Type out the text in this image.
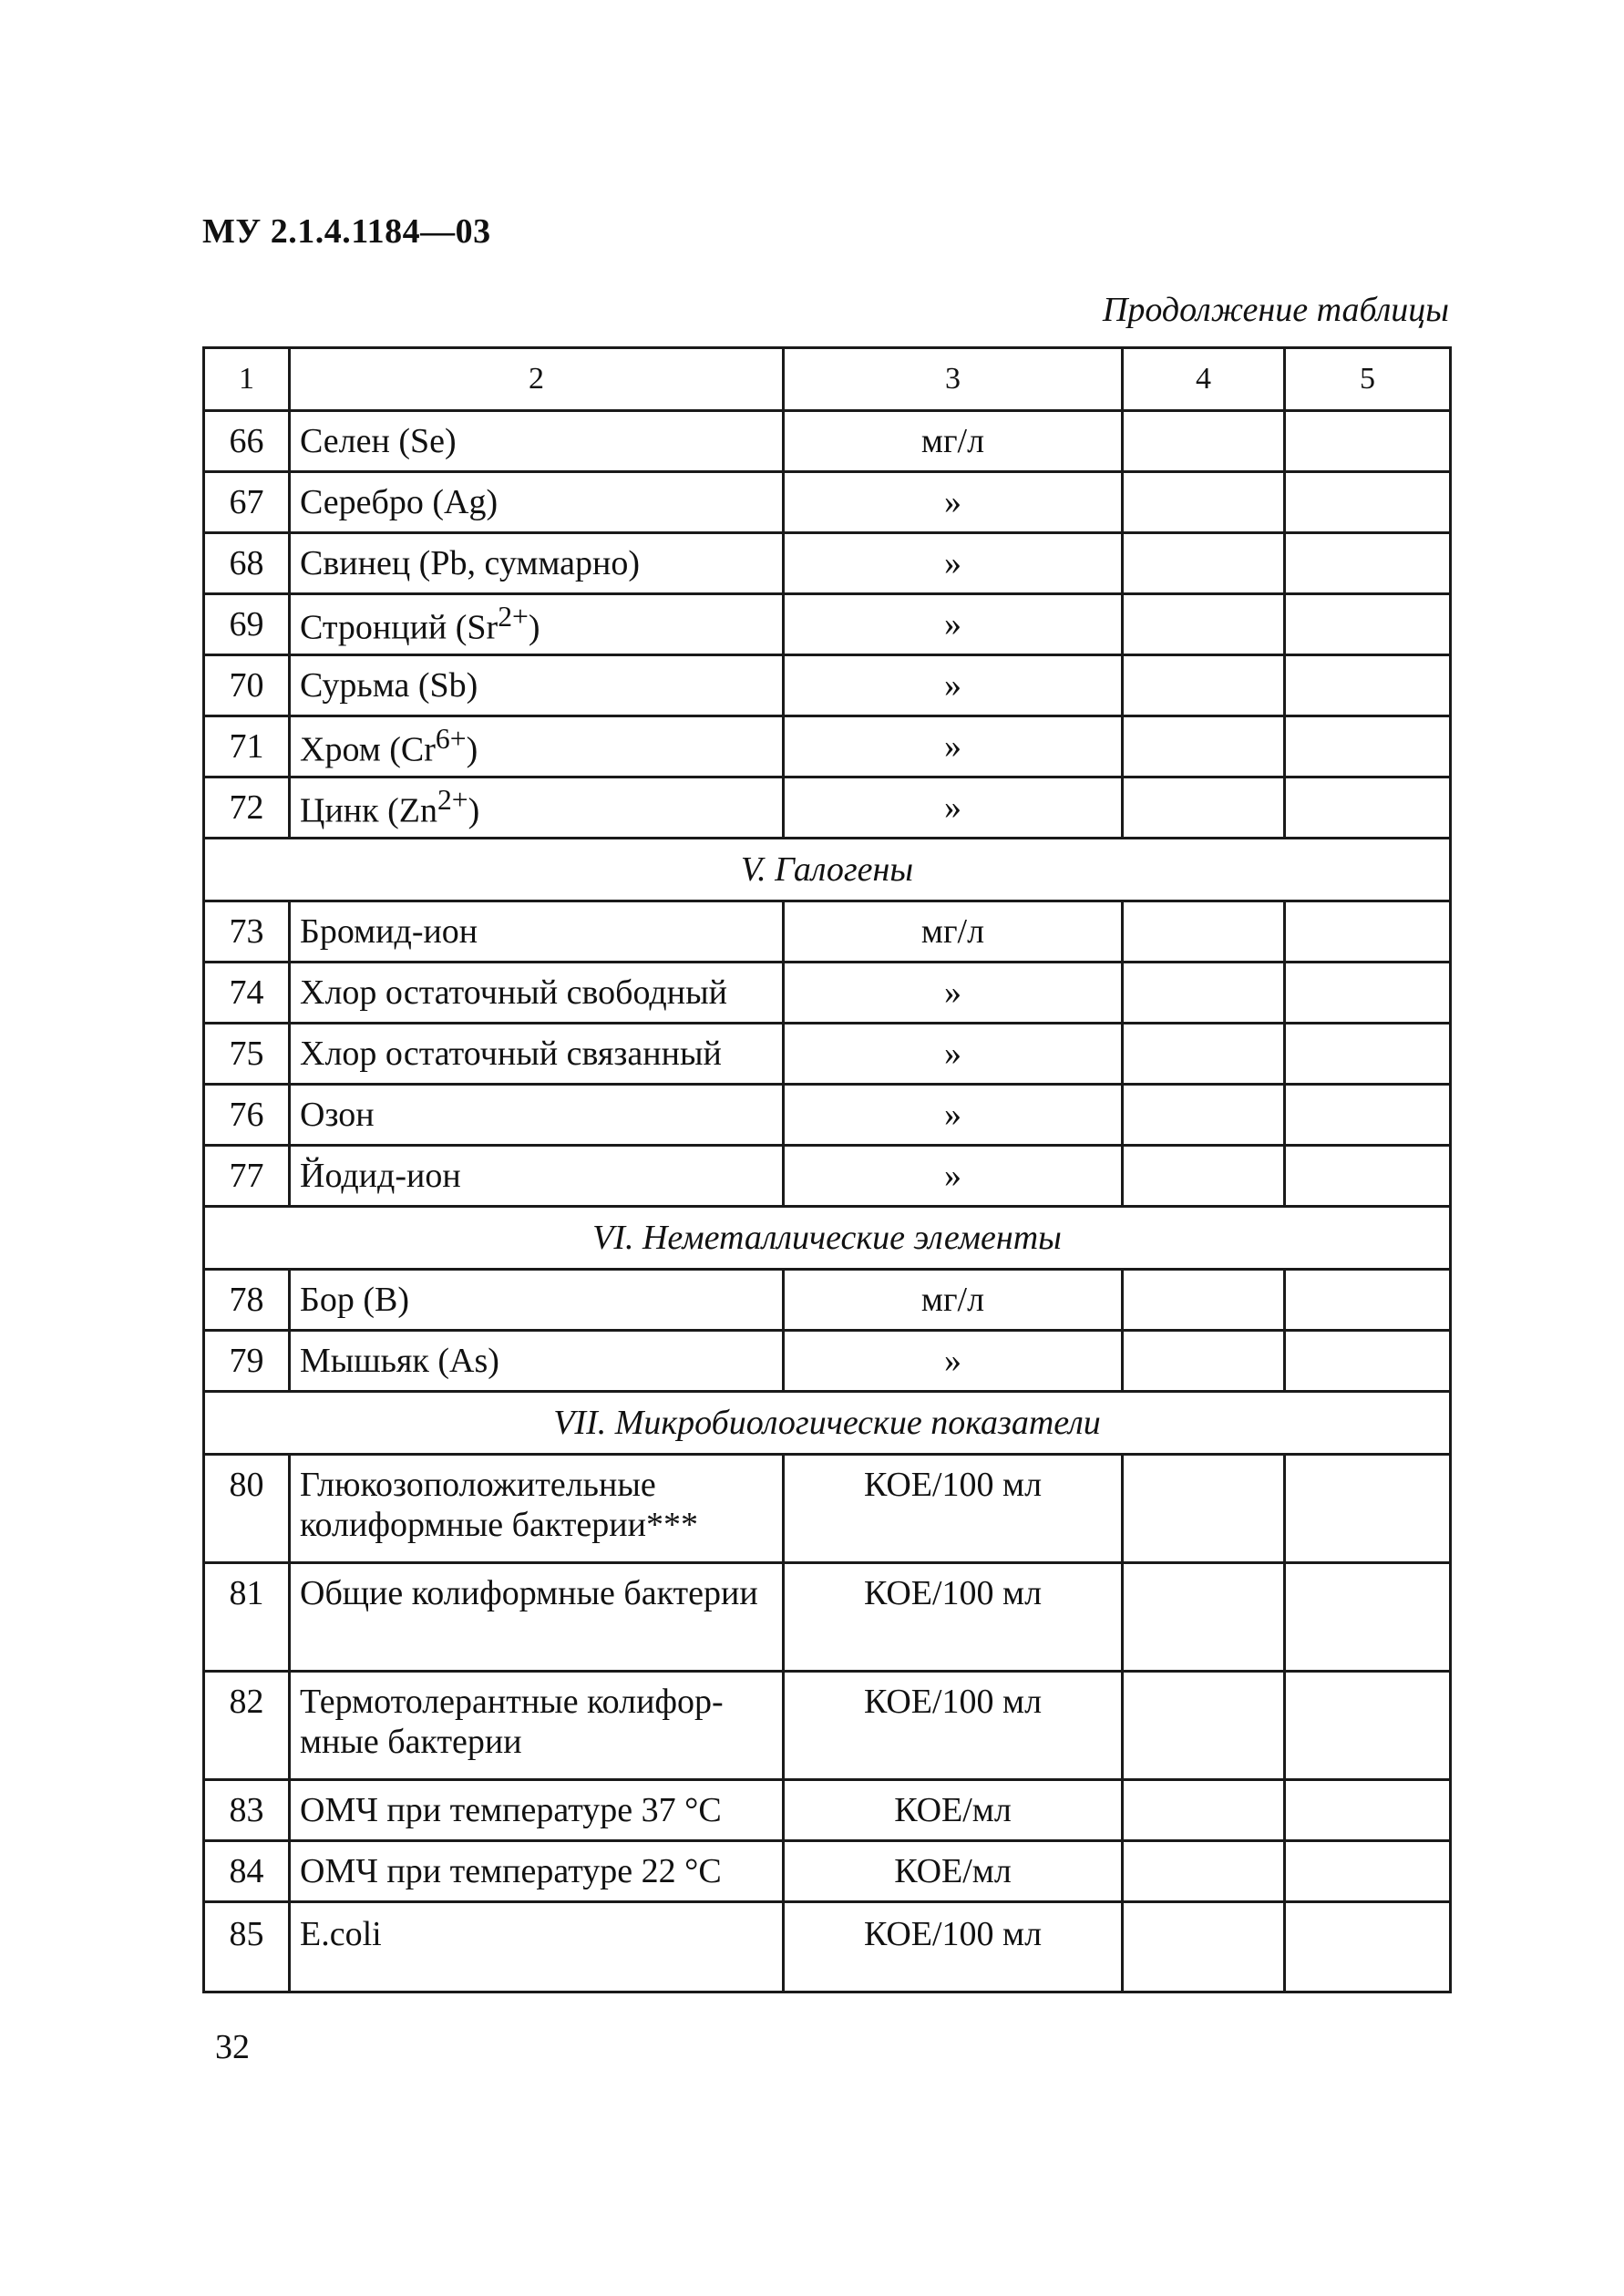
МУ 2.1.4.1184—03
Продолжение таблицы
1	2	3	4	5
66	Селен (Se)	мг/л		
67	Серебро (Ag)	»		
68	Свинец (Pb, суммарно)	»		
69	Стронций $(Sr^{2+})$	»		
70	Сурьма (Sb)	»		
71	Хром $(Cr^{6+})$	»		
72	Цинк $(Zn^{2+})$	»		
V. Галогены				
73	Бромид-ион	мг/л		
74	Хлор остаточный свободный	»		
75	Хлор остаточный связанный	»		
76	Озон	»		
77	Йодид-ион	»		
VI. Неметаллические элементы				
78	Бор (B)	мг/л		
79	Мышьяк (As)	»		
VII. Микробиологические показатели				
80	Глюкозоположительные колиформные бактерии***	КОЕ/100 мл		
81	Общие колиформные бактерии	КОЕ/100 мл		
82	Термотолерантные колифор-мные бактерии	КОЕ/100 мл		
83	ОМЧ при температуре 37 °С	КОЕ/мл		
84	ОМЧ при температуре 22 °С	КОЕ/мл		
85	E.coli	КОЕ/100 мл		
32
